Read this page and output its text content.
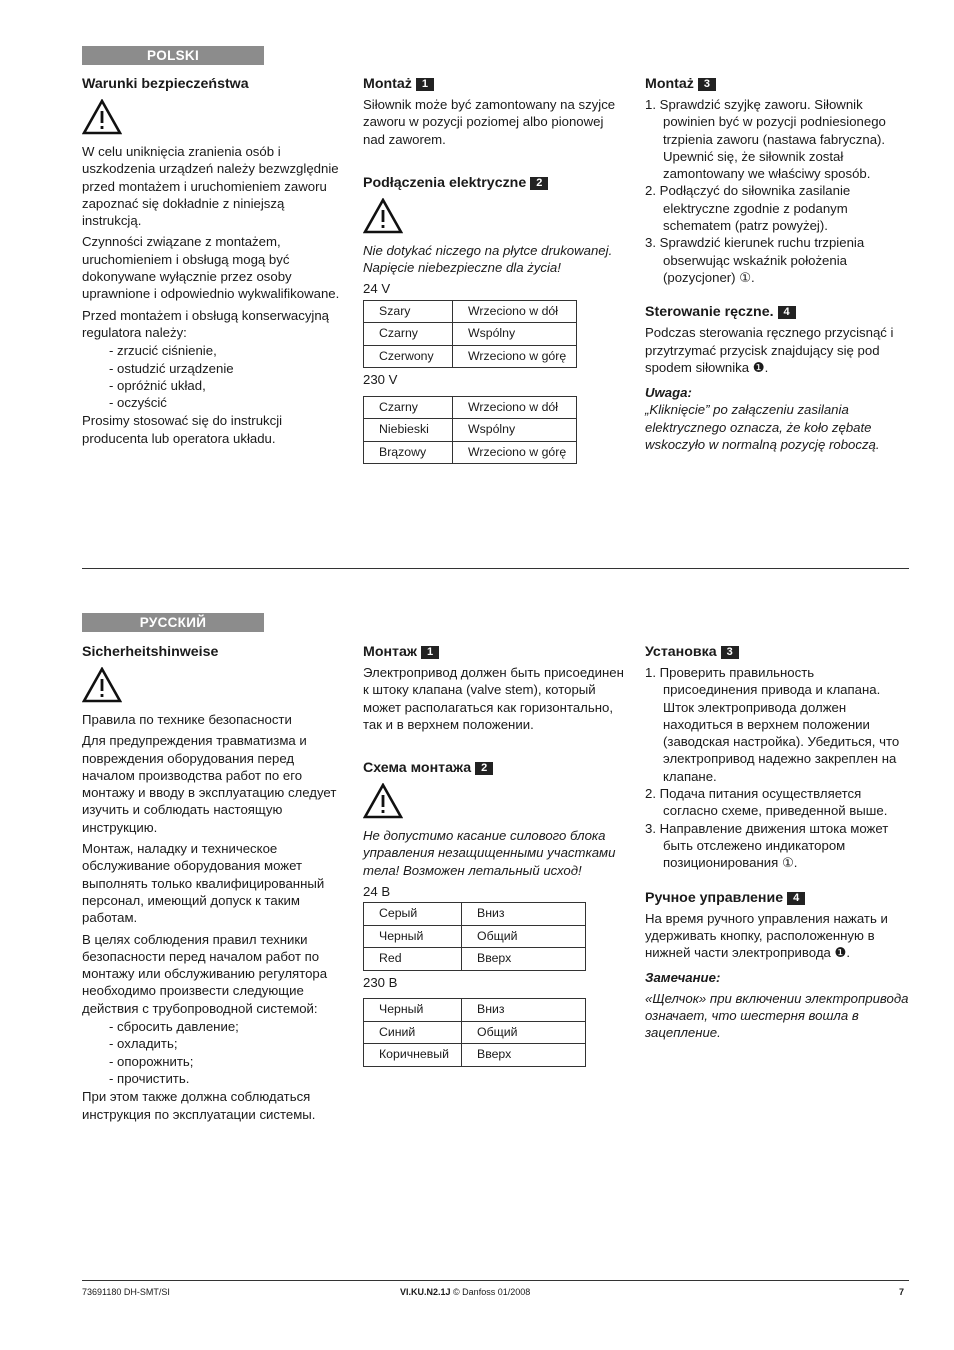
POLSKI
Warunki bezpieczeństwa

W celu uniknięcia zranienia osób i uszkodzenia urządzeń należy bezwzględnie przed montażem i uruchomieniem zaworu zapoznać się dokładnie z niniejszą instrukcją.

Czynności związane z montażem, uruchomieniem i obsługą mogą być dokonywane wyłącznie przez osoby uprawnione i odpowiednio wykwalifikowane.

Przed montażem i obsługą konserwacyjną regulatora należy:

- zrzucić ciśnienie,
- ostudzić urządzenie
- opróżnić układ,
- oczyścić

Prosimy stosować się do instrukcji producenta lub operatora układu.

Montaż 1

Siłownik może być zamontowany na szyjce zaworu w pozycji poziomej albo pionowej nad zaworem.

Podłączenia elektryczne 2

Nie dotykać niczego na płytce drukowanej. Napięcie niebezpieczne dla życia!

24 V
Szary	Wrzeciono w dół
Czarny	Wspólny
Czerwony	Wrzeciono w górę
230 V
Czarny	Wrzeciono w dół
Niebieski	Wspólny
Brązowy	Wrzeciono w górę
Montaż 3
1. Sprawdzić szyjkę zaworu. Siłownik powinien być w pozycji podniesionego trzpienia zaworu (nastawa fabryczna). Upewnić się, że siłownik został zamontowany we właściwy sposób.
2. Podłączyć do siłownika zasilanie elektryczne zgodnie z podanym schematem (patrz powyżej).
3. Sprawdzić kierunek ruchu trzpienia obserwując wskaźnik położenia (pozycjoner) ①.
Sterowanie ręczne. 4

Podczas sterowania ręcznego przycisnąć i przytrzymać przycisk znajdujący się pod spodem siłownika ❶.

Uwaga:

„Kliknięcie” po załączeniu zasilania elektrycznego oznacza, że koło zębate wskoczyło w normalną pozycję roboczą.

РУССКИЙ
Sicherheitshinweise

Правила по технике безопасности

Для предупреждения травматизма и повреждения оборудования перед началом производства работ по его монтажу и вводу в эксплуатацию следует изучить и соблюдать настоящую инструкцию.

Монтаж, наладку и техническое обслуживание оборудования может выполнять только квалифицированный персонал, имеющий допуск к таким работам.

В целях соблюдения правил техники безопасности перед началом работ по монтажу или обслуживанию регулятора необходимо произвести следующие действия с трубопроводной системой:

- сбросить давление;
- охладить;
- опорожнить;
- прочистить.

При этом также должна соблюдаться инструкция по эксплуатации системы.

Монтаж 1

Электропривод должен быть присоединен к штоку клапана (valve stem), который может располагаться как горизонтально, так и в верхнем положении.

Схема монтажа 2

Не допустимо касание силового блока управления незащищенными участками тела! Возможен летальный исход!

24 В
Серый	Вниз
Черный	Общий
Red	Вверх
230 В
Черный	Вниз
Синий	Общий
Коричневый	Вверх
Установка 3
1. Проверить правильность присоединения привода и клапана. Шток электропривода должен находиться в верхнем положении (заводская настройка). Убедиться, что электропривод надежно закреплен на клапане.
2. Подача питания осуществляется согласно схеме, приведенной выше.
3. Направление движения штока может быть отслежено индикатором позиционирования ①.
Ручное управление 4

На время ручного управления нажать и удерживать кнопку, расположенную в нижней части электропривода ❶.

Замечание:

«Щелчок» при включении электропривода означает, что шестерня вошла в зацепление.

73691180 DH-SMT/SI	VI.KU.N2.1J © Danfoss 01/2008	7
